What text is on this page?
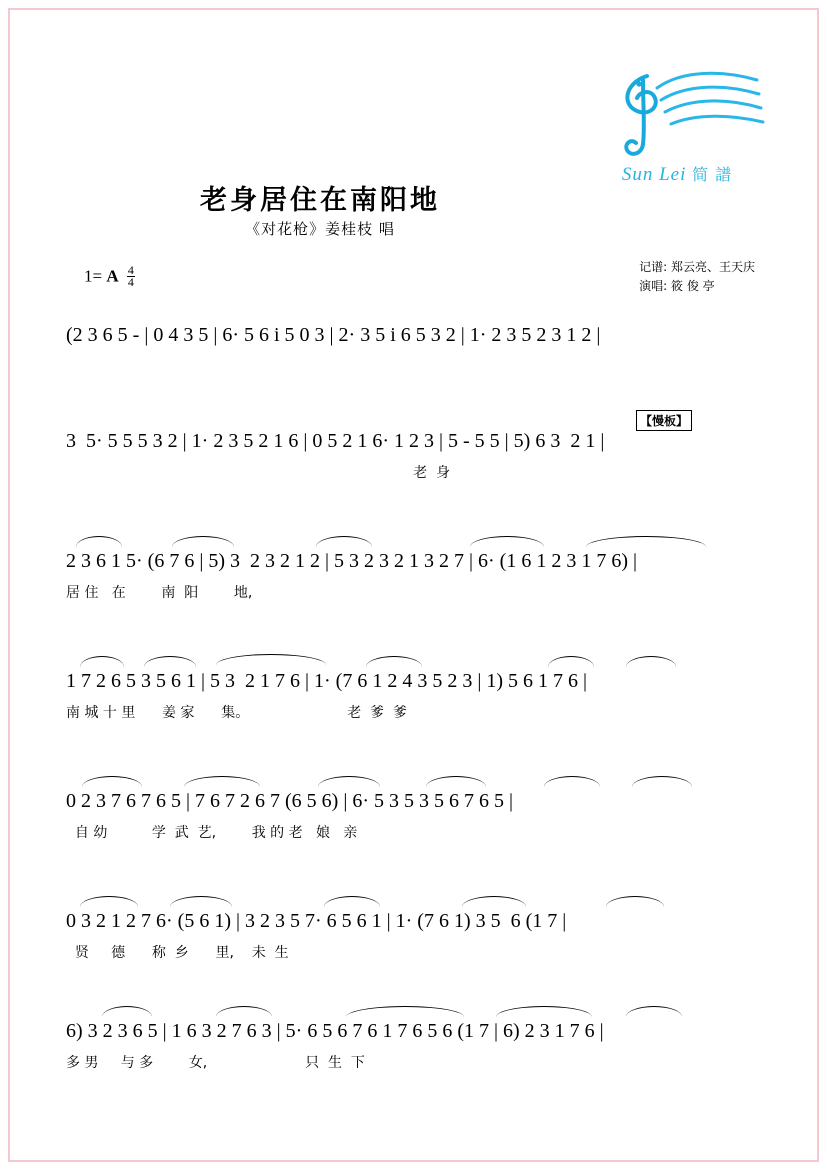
Sun Lei 简 譜
老身居住在南阳地
《对花枪》姜桂枝 唱
记谱: 郑云亮、王天庆
演唱: 筱 俊 亭
1= A $\frac{4}{4}$
(2 3 6 5 - | 0 4 3 5 | 6· 5 6 i 5 0 3 | 2· 3 5 i 6 5 3 2 | 1· 2 3 5 2 3 1 2 |
【慢板】
3  5· 5 5 5 3 2 | 1· 2 3 5 2 1 6 | 0 5 2 1 6· 1 2 3 | 5 - 5 5 | 5) 6 3  2 1 |
老  身
2 3 6 1 5· (6 7 6 | 5) 3  2 3 2 1 2 | 5 3 2 3 2 1 3 2 7 | 6· (1 6 1 2 3 1 7 6) |
居 住   在        南  阳        地,
1 7 2 6 5 3 5 6 1 | 5 3  2 1 7 6 | 1· (7 6 1 2 4 3 5 2 3 | 1) 5 6 1 7 6 |
南 城 十 里      姜 家      集。                      老  爹  爹
0 2 3 7 6 7 6 5 | 7 6 7 2 6 7 (6 5 6) | 6· 5 3 5 3 5 6 7 6 5 |
自 幼          学  武  艺,        我 的 老   娘   亲
0 3 2 1 2 7 6· (5 6 1) | 3 2 3 5 7· 6 5 6 1 | 1· (7 6 1) 3 5  6 (1 7 |
贤     德      称  乡      里,    未  生
6) 3 2 3 6 5 | 1 6 3 2 7 6 3 | 5· 6 5 6 7 6 1 7 6 5 6 (1 7 | 6) 2 3 1 7 6 |
多 男     与 多        女,                      只  生  下
